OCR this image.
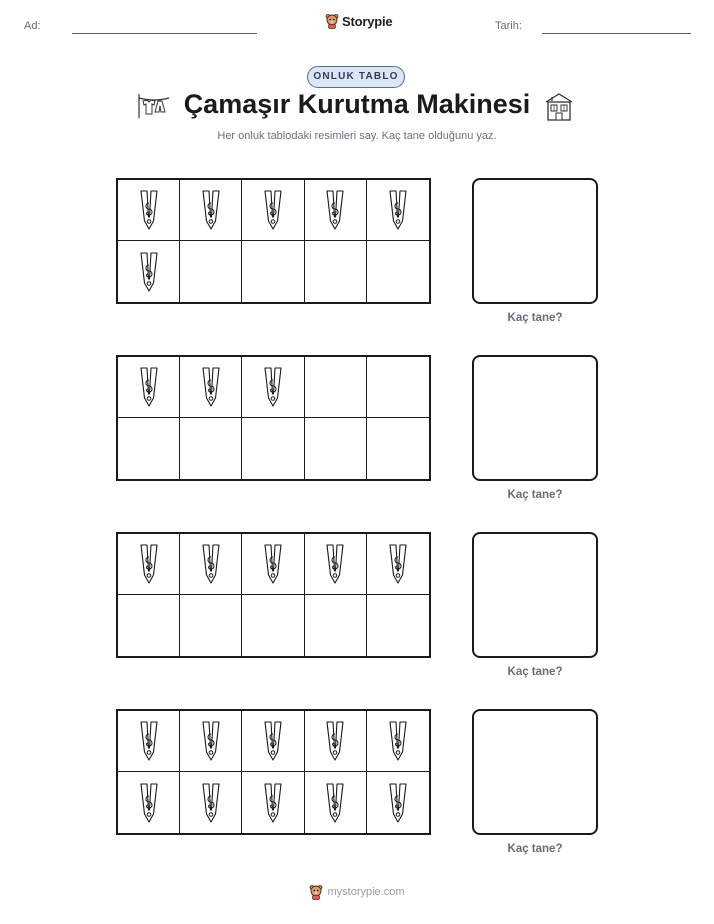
Ad:	Storypie	Tarih:
ONLUK TABLO
Çamaşır Kurutma Makinesi
Her onluk tablodaki resimleri say. Kaç tane olduğunu yaz.
Kaç tane?
Kaç tane?
Kaç tane?
Kaç tane?
mystorypie.com
